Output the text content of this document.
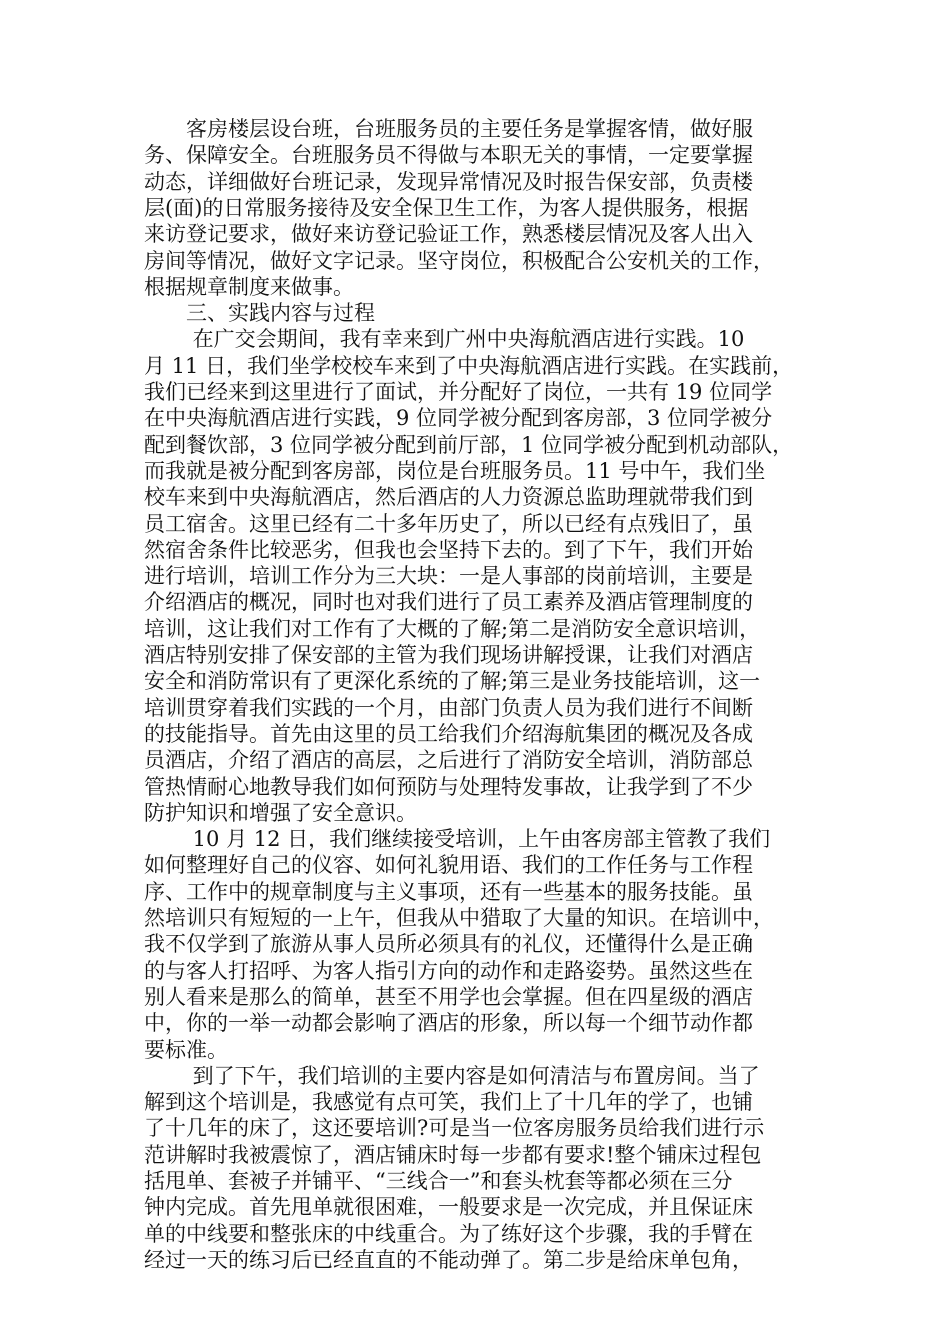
　　客房楼层设台班，台班服务员的主要任务是掌握客情，做好服
务、保障安全。台班服务员不得做与本职无关的事情，一定要掌握
动态，详细做好台班记录，发现异常情况及时报告保安部，负责楼
层(面)的日常服务接待及安全保卫生工作，为客人提供服务，根据
来访登记要求，做好来访登记验证工作，熟悉楼层情况及客人出入
房间等情况，做好文字记录。坚守岗位，积极配合公安机关的工作，
根据规章制度来做事。
　　三、实践内容与过程
　　 在广交会期间，我有幸来到广州中央海航酒店进行实践。10
月 11 日，我们坐学校校车来到了中央海航酒店进行实践。在实践前，
我们已经来到这里进行了面试，并分配好了岗位，一共有 19 位同学
在中央海航酒店进行实践，9 位同学被分配到客房部，3 位同学被分
配到餐饮部，3 位同学被分配到前厅部，1 位同学被分配到机动部队，
而我就是被分配到客房部，岗位是台班服务员。11 号中午，我们坐
校车来到中央海航酒店，然后酒店的人力资源总监助理就带我们到
员工宿舍。这里已经有二十多年历史了，所以已经有点残旧了，虽
然宿舍条件比较恶劣，但我也会坚持下去的。到了下午，我们开始
进行培训，培训工作分为三大块：一是人事部的岗前培训，主要是
介绍酒店的概况，同时也对我们进行了员工素养及酒店管理制度的
培训，这让我们对工作有了大概的了解;第二是消防安全意识培训，
酒店特别安排了保安部的主管为我们现场讲解授课，让我们对酒店
安全和消防常识有了更深化系统的了解;第三是业务技能培训，这一
培训贯穿着我们实践的一个月，由部门负责人员为我们进行不间断
的技能指导。首先由这里的员工给我们介绍海航集团的概况及各成
员酒店，介绍了酒店的高层，之后进行了消防安全培训，消防部总
管热情耐心地教导我们如何预防与处理特发事故，让我学到了不少
防护知识和增强了安全意识。
　　 10 月 12 日，我们继续接受培训，上午由客房部主管教了我们
如何整理好自己的仪容、如何礼貌用语、我们的工作任务与工作程
序、工作中的规章制度与主义事项，还有一些基本的服务技能。虽
然培训只有短短的一上午，但我从中猎取了大量的知识。在培训中，
我不仅学到了旅游从事人员所必须具有的礼仪，还懂得什么是正确
的与客人打招呼、为客人指引方向的动作和走路姿势。虽然这些在
别人看来是那么的简单，甚至不用学也会掌握。但在四星级的酒店
中，你的一举一动都会影响了酒店的形象，所以每一个细节动作都
要标准。
　　 到了下午，我们培训的主要内容是如何清洁与布置房间。当了
解到这个培训是，我感觉有点可笑，我们上了十几年的学了，也铺
了十几年的床了，这还要培训?可是当一位客房服务员给我们进行示
范讲解时我被震惊了，酒店铺床时每一步都有要求!整个铺床过程包
括甩单、套被子并铺平、“三线合一”和套头枕套等都必须在三分
钟内完成。首先甩单就很困难，一般要求是一次完成，并且保证床
单的中线要和整张床的中线重合。为了练好这个步骤，我的手臂在
经过一天的练习后已经直直的不能动弹了。第二步是给床单包角，
